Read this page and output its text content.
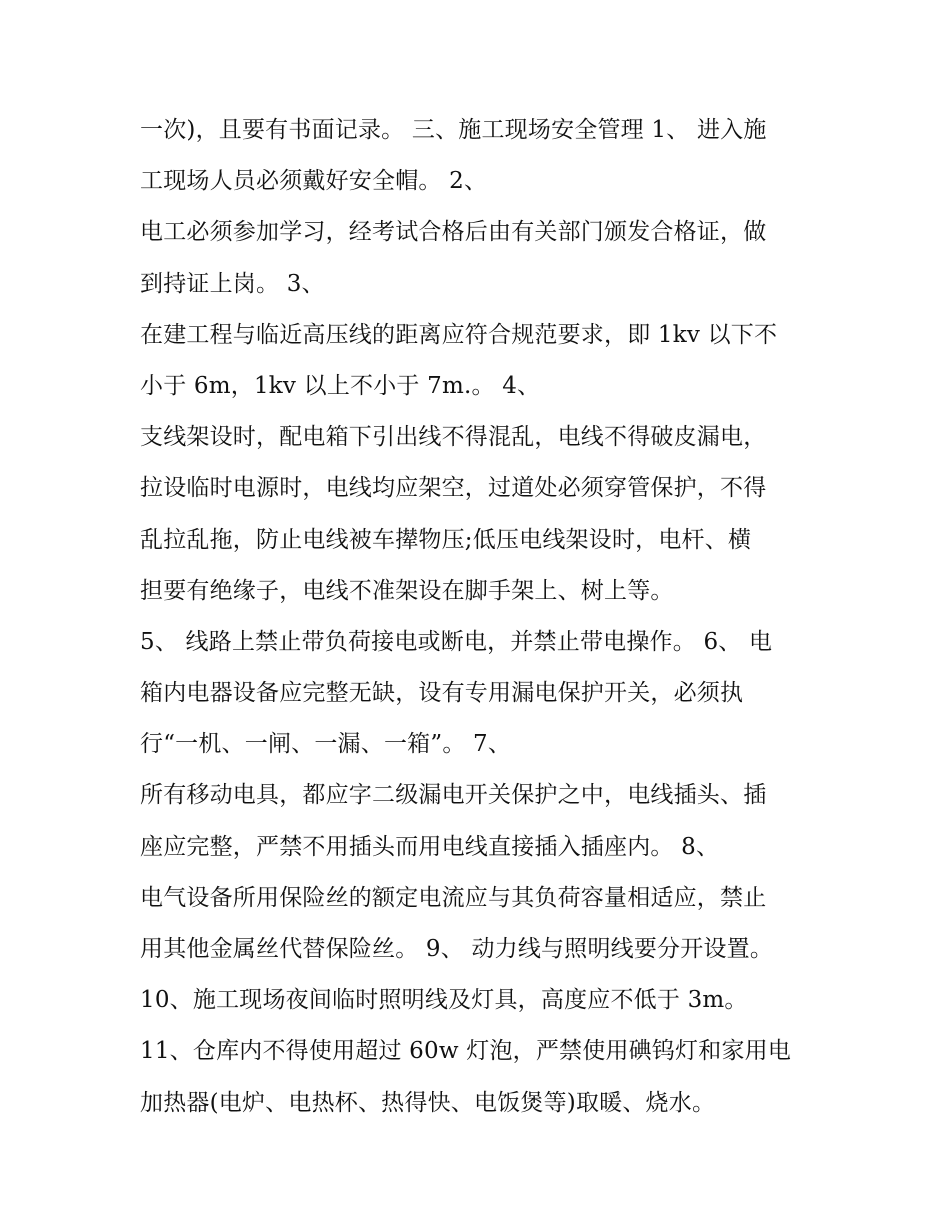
一次)，且要有书面记录。 三、施工现场安全管理 1、 进入施
工现场人员必须戴好安全帽。 2、
电工必须参加学习，经考试合格后由有关部门颁发合格证，做
到持证上岗。 3、
在建工程与临近高压线的距离应符合规范要求，即 1kv 以下不
小于 6m，1kv 以上不小于 7m.。 4、
支线架设时，配电箱下引出线不得混乱，电线不得破皮漏电，
拉设临时电源时，电线均应架空，过道处必须穿管保护，不得
乱拉乱拖，防止电线被车撵物压;低压电线架设时，电杆、横
担要有绝缘子，电线不准架设在脚手架上、树上等。
5、 线路上禁止带负荷接电或断电，并禁止带电操作。 6、 电
箱内电器设备应完整无缺，设有专用漏电保护开关，必须执
行“一机、一闸、一漏、一箱”。 7、
所有移动电具，都应字二级漏电开关保护之中，电线插头、插
座应完整，严禁不用插头而用电线直接插入插座内。 8、
电气设备所用保险丝的额定电流应与其负荷容量相适应，禁止
用其他金属丝代替保险丝。 9、 动力线与照明线要分开设置。
10、施工现场夜间临时照明线及灯具，高度应不低于 3m。
11、仓库内不得使用超过 60w 灯泡，严禁使用碘钨灯和家用电
加热器(电炉、电热杯、热得快、电饭煲等)取暖、烧水。
